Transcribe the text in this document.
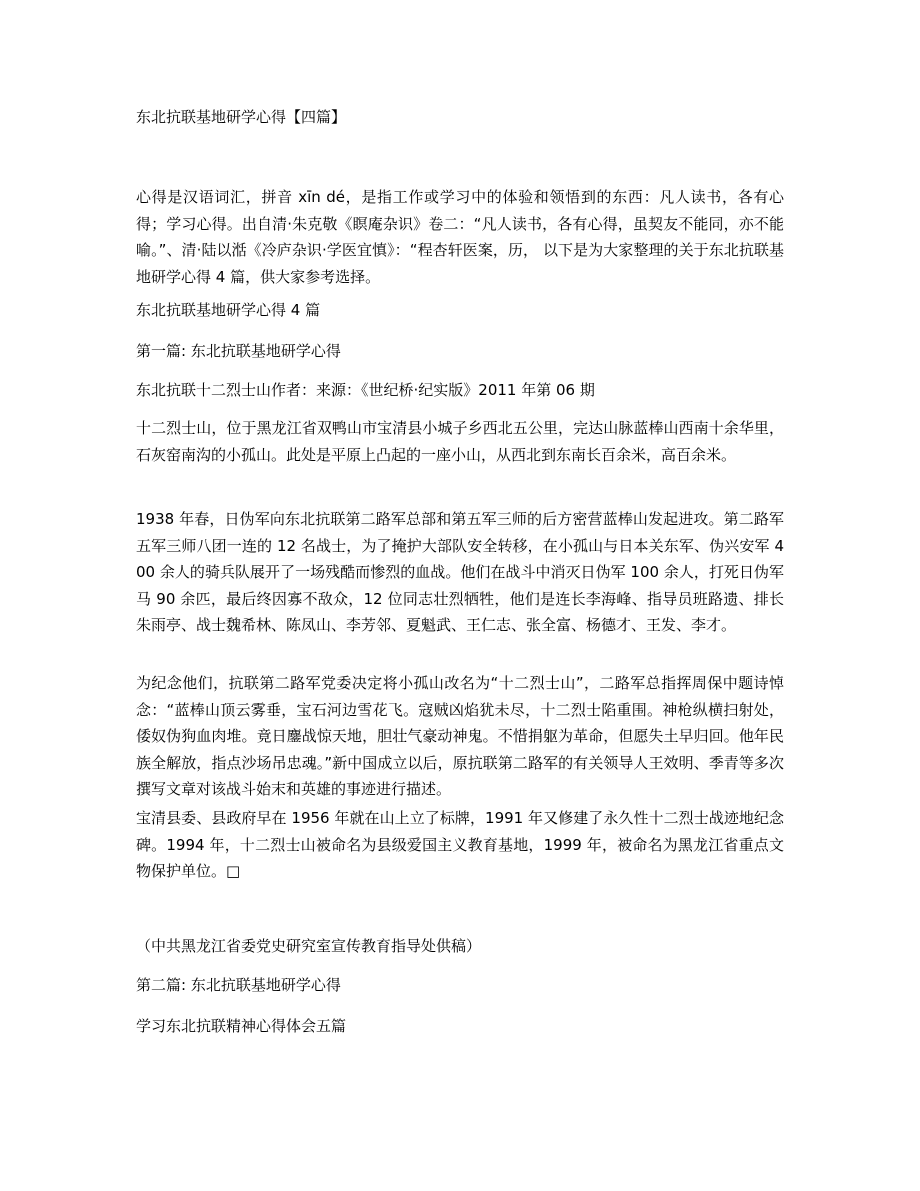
东北抗联基地研学心得【四篇】

心得是汉语词汇，拼音 xīn dé，是指工作或学习中的体验和领悟到的东西：凡人读书，各有心得；学习心得。出自清·朱克敬《瞑庵杂识》卷二：“凡人读书，各有心得，虽契友不能同，亦不能喻。”、清·陆以湉《冷庐杂识·学医宜慎》：“程杏轩医案，历， 以下是为大家整理的关于东北抗联基地研学心得 4 篇，供大家参考选择。

东北抗联基地研学心得 4 篇

第一篇: 东北抗联基地研学心得

东北抗联十二烈士山作者：来源：《世纪桥·纪实版》2011 年第 06 期

十二烈士山，位于黑龙江省双鸭山市宝清县小城子乡西北五公里，完达山脉蓝棒山西南十余华里，石灰窑南沟的小孤山。此处是平原上凸起的一座小山，从西北到东南长百余米，高百余米。

1938 年春，日伪军向东北抗联第二路军总部和第五军三师的后方密营蓝棒山发起进攻。第二路军五军三师八团一连的 12 名战士，为了掩护大部队安全转移，在小孤山与日本关东军、伪兴安军 400 余人的骑兵队展开了一场残酷而惨烈的血战。他们在战斗中消灭日伪军 100 余人，打死日伪军马 90 余匹，最后终因寡不敌众，12 位同志壮烈牺牲，他们是连长李海峰、指导员班路遗、排长朱雨亭、战士魏希林、陈凤山、李芳邻、夏魁武、王仁志、张全富、杨德才、王发、李才。

为纪念他们，抗联第二路军党委决定将小孤山改名为“十二烈士山”，二路军总指挥周保中题诗悼念：“蓝棒山顶云雾垂，宝石河边雪花飞。寇贼凶焰犹未尽，十二烈士陷重围。神枪纵横扫射处，倭奴伪狗血肉堆。竟日鏖战惊天地，胆壮气豪动神鬼。不惜捐躯为革命，但愿失土早归回。他年民族全解放，指点沙场吊忠魂。”新中国成立以后，原抗联第二路军的有关领导人王效明、季青等多次撰写文章对该战斗始末和英雄的事迹进行描述。

宝清县委、县政府早在 1956 年就在山上立了标牌，1991 年又修建了永久性十二烈士战迹地纪念碑。1994 年，十二烈士山被命名为县级爱国主义教育基地，1999 年，被命名为黑龙江省重点文物保护单位。□

（中共黑龙江省委党史研究室宣传教育指导处供稿）

第二篇: 东北抗联基地研学心得

学习东北抗联精神心得体会五篇
